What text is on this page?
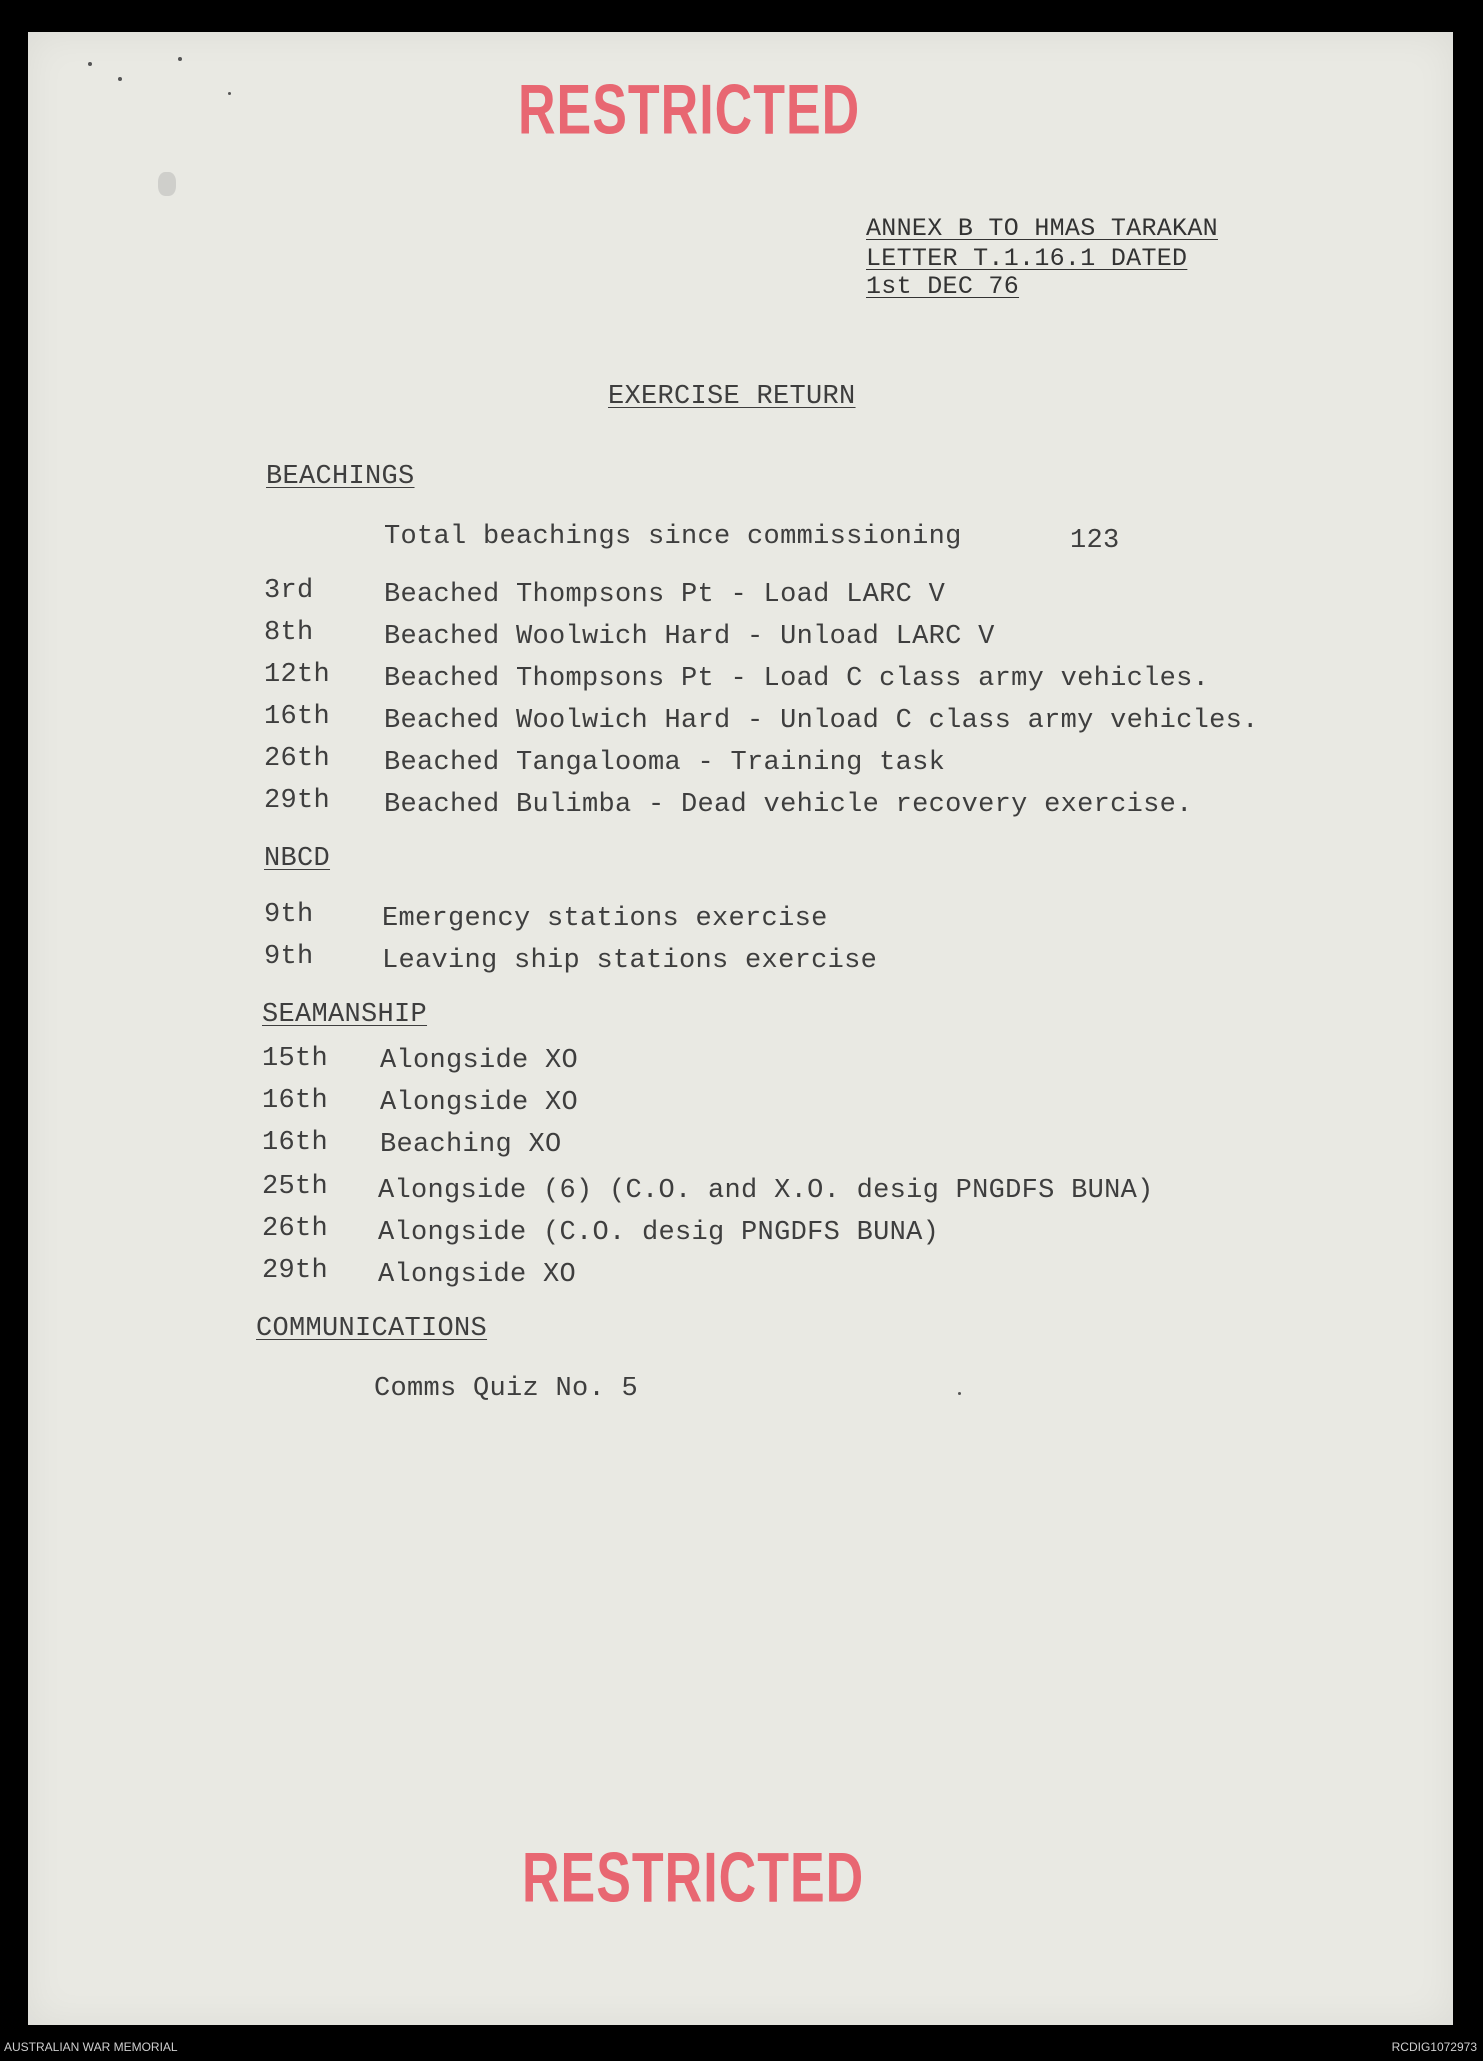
RESTRICTED
ANNEX B TO HMAS TARAKAN
LETTER T.1.16.1 DATED
1st DEC 76
EXERCISE RETURN
BEACHINGS
Total beachings since commissioning	123
3rd	Beached Thompsons Pt - Load LARC V
8th	Beached Woolwich Hard - Unload LARC V
12th Beached Thompsons Pt - Load C class army vehicles.
16th Beached Woolwich Hard - Unload C class army vehicles.
26th Beached Tangalooma - Training task
29th Beached Bulimba - Dead vehicle recovery exercise.
NBCD
9th	Emergency stations exercise
9th	Leaving ship stations exercise
SEAMANSHIP
15th Alongside XO
16th Alongside XO
16th Beaching XO
25th Alongside (6) (C.O. and X.O. desig PNGDFS BUNA)
26th Alongside (C.O. desig PNGDFS BUNA)
29th Alongside XO
COMMUNICATIONS
Comms Quiz No. 5
RESTRICTED
AUSTRALIAN WAR MEMORIAL	RCDIG1072973
